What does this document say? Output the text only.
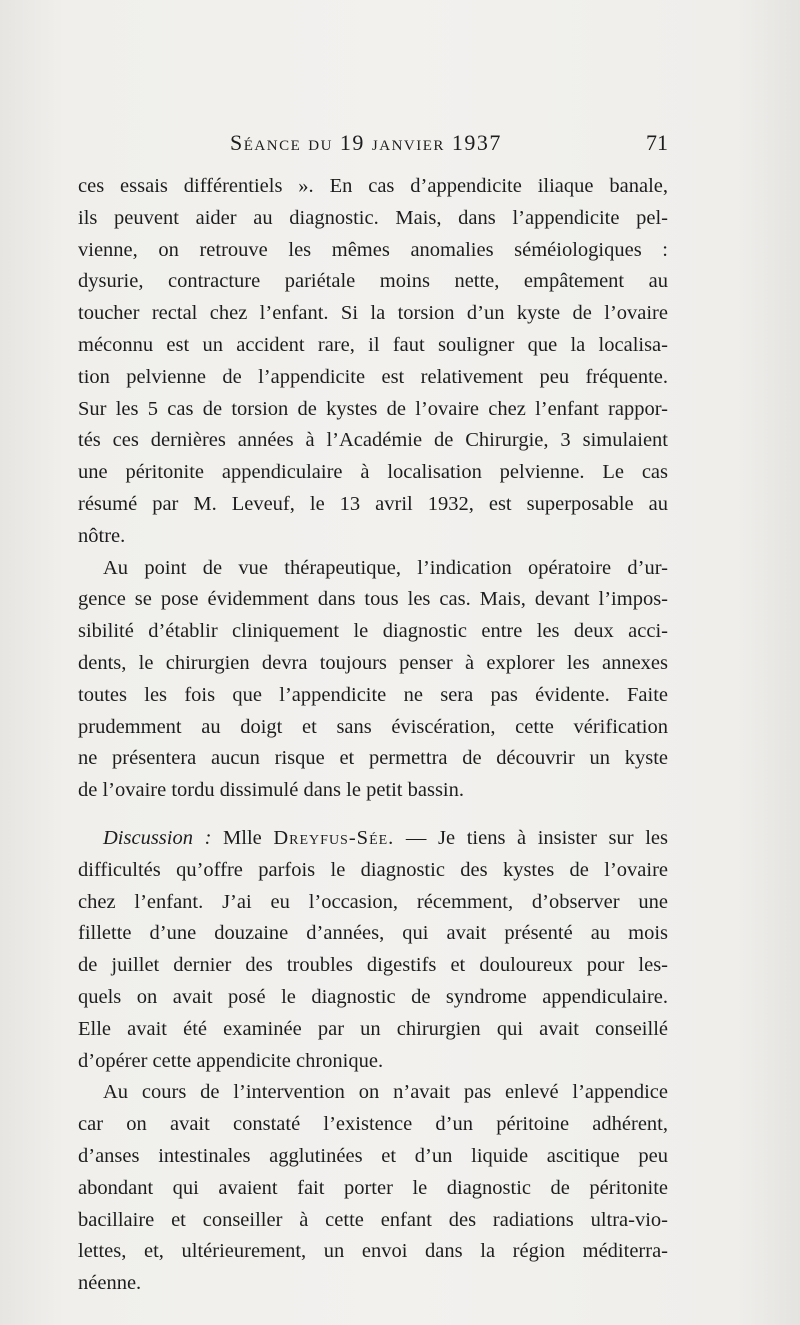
Séance du 19 janvier 1937	71

ces essais différentiels ». En cas d’appendicite iliaque banale,

ils peuvent aider au diagnostic. Mais, dans l’appendicite pel-

vienne, on retrouve les mêmes anomalies séméiologiques :

dysurie, contracture pariétale moins nette, empâtement au

toucher rectal chez l’enfant. Si la torsion d’un kyste de l’ovaire

méconnu est un accident rare, il faut souligner que la localisa-

tion pelvienne de l’appendicite est relativement peu fréquente.

Sur les 5 cas de torsion de kystes de l’ovaire chez l’enfant rappor-

tés ces dernières années à l’Académie de Chirurgie, 3 simulaient

une péritonite appendiculaire à localisation pelvienne. Le cas

résumé par M. Leveuf, le 13 avril 1932, est superposable au

nôtre.

Au point de vue thérapeutique, l’indication opératoire d’ur-

gence se pose évidemment dans tous les cas. Mais, devant l’impos-

sibilité d’établir cliniquement le diagnostic entre les deux acci-

dents, le chirurgien devra toujours penser à explorer les annexes

toutes les fois que l’appendicite ne sera pas évidente. Faite

prudemment au doigt et sans éviscération, cette vérification

ne présentera aucun risque et permettra de découvrir un kyste

de l’ovaire tordu dissimulé dans le petit bassin.

Discussion : Mlle Dreyfus-Sée. — Je tiens à insister sur les

difficultés qu’offre parfois le diagnostic des kystes de l’ovaire

chez l’enfant. J’ai eu l’occasion, récemment, d’observer une

fillette d’une douzaine d’années, qui avait présenté au mois

de juillet dernier des troubles digestifs et douloureux pour les-

quels on avait posé le diagnostic de syndrome appendiculaire.

Elle avait été examinée par un chirurgien qui avait conseillé

d’opérer cette appendicite chronique.

Au cours de l’intervention on n’avait pas enlevé l’appendice

car on avait constaté l’existence d’un péritoine adhérent,

d’anses intestinales agglutinées et d’un liquide ascitique peu

abondant qui avaient fait porter le diagnostic de péritonite

bacillaire et conseiller à cette enfant des radiations ultra-vio-

lettes, et, ultérieurement, un envoi dans la région méditerra-

néenne.
